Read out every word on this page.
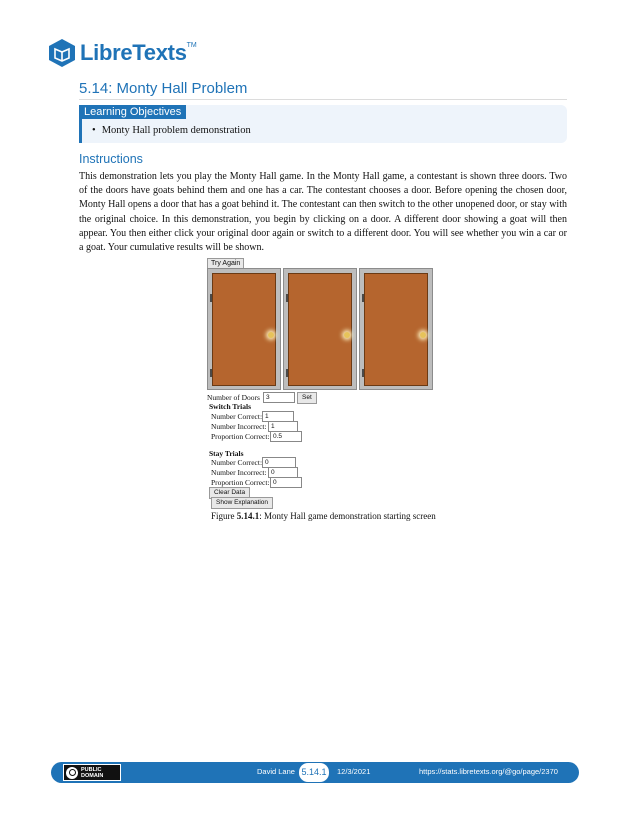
LibreTexts TM
5.14: Monty Hall Problem
Learning Objectives
• Monty Hall problem demonstration
Instructions

This demonstration lets you play the Monty Hall game. In the Monty Hall game, a contestant is shown three doors. Two of the doors have goats behind them and one has a car. The contestant chooses a door. Before opening the chosen door, Monty Hall opens a door that has a goat behind it. The contestant can then switch to the other unopened door, or stay with the original choice. In this demonstration, you begin by clicking on a door. A different door showing a goat will then appear. You then either click your original door again or switch to a different door. You will see whether you win a car or a goat. Your cumulative results will be shown.

Try Again
Number of Doors 3	Set
Switch Trials
Number Correct: 1
Number Incorrect: 1
Proportion Correct: 0.5
Stay Trials
Number Correct: 0
Number Incorrect: 0
Proportion Correct: 0
Clear Data
Show Explanation
Figure 5.14.1: Monty Hall game demonstration starting screen
PUBLIC
DOMAIN	David Lane 5.14.1	12/3/2021	https://stats.libretexts.org/@go/page/2370
